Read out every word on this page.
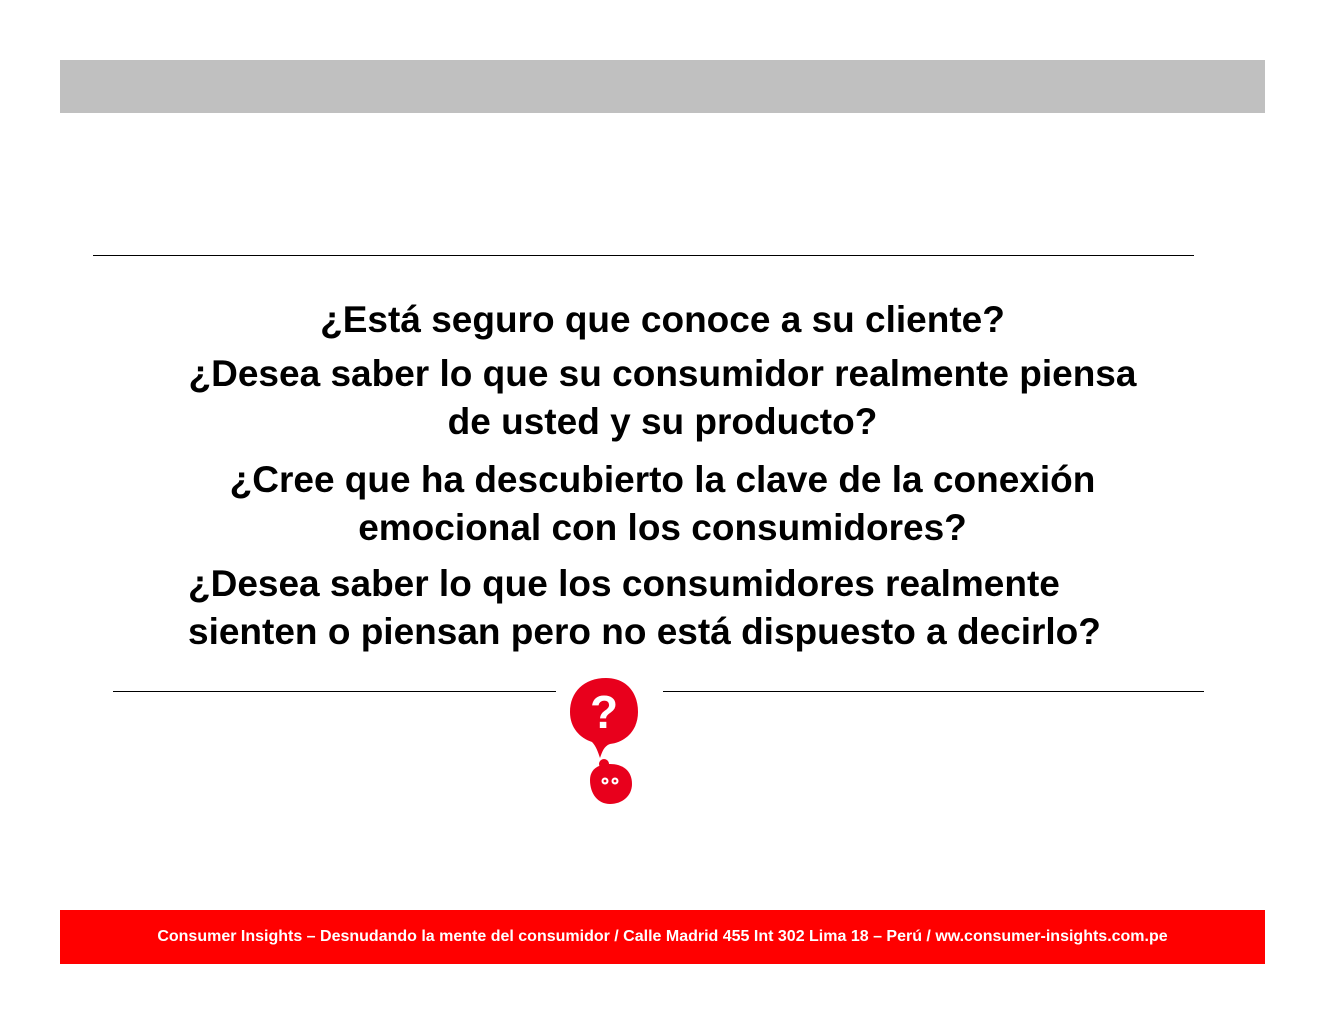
¿Está seguro que conoce a su cliente?
¿Desea saber lo que su consumidor realmente piensa
de usted y su producto?
¿Cree que ha descubierto la clave de la conexión
emocional con los consumidores?
¿Desea saber lo que los consumidores realmente
sienten o piensan pero no está dispuesto a decirlo?
?
Consumer Insights – Desnudando la mente del consumidor / Calle Madrid 455 Int 302 Lima 18 – Perú / ww.consumer-insights.com.pe
